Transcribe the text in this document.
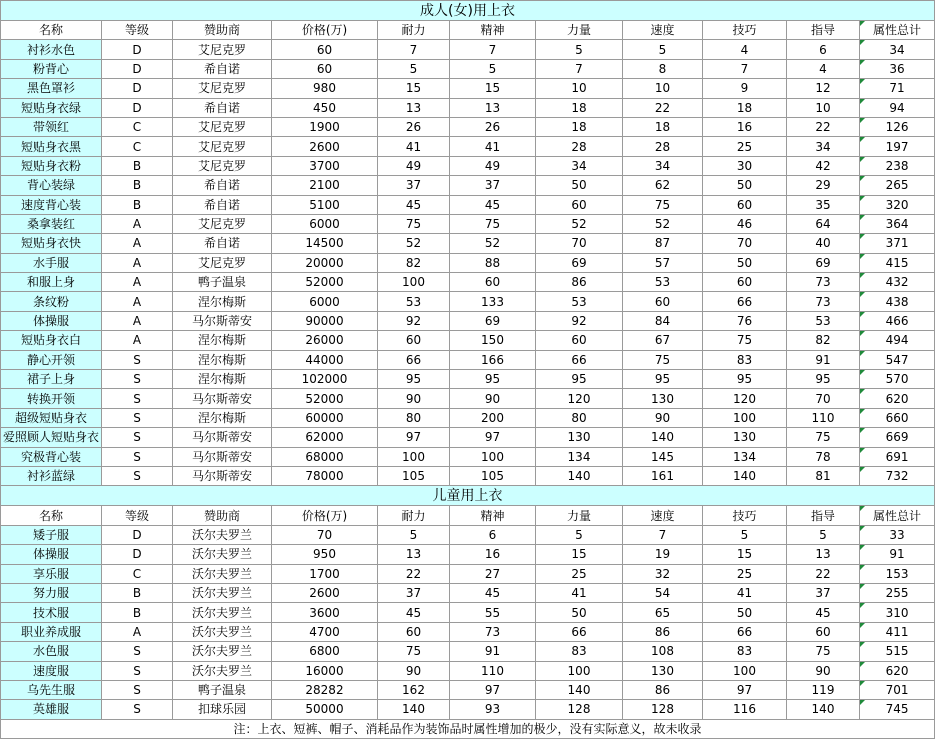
成人(女)用上衣										
名称	等级	赞助商	价格(万)	耐力	精神	力量	速度	技巧	指导	属性总计
衬衫水色	D	艾尼克罗	60	7	7	5	5	4	6	34
粉背心	D	希自诺	60	5	5	7	8	7	4	36
黑色罩衫	D	艾尼克罗	980	15	15	10	10	9	12	71
短贴身衣绿	D	希自诺	450	13	13	18	22	18	10	94
带领红	C	艾尼克罗	1900	26	26	18	18	16	22	126
短贴身衣黑	C	艾尼克罗	2600	41	41	28	28	25	34	197
短贴身衣粉	B	艾尼克罗	3700	49	49	34	34	30	42	238
背心装绿	B	希自诺	2100	37	37	50	62	50	29	265
速度背心装	B	希自诺	5100	45	45	60	75	60	35	320
桑拿装红	A	艾尼克罗	6000	75	75	52	52	46	64	364
短贴身衣快	A	希自诺	14500	52	52	70	87	70	40	371
水手服	A	艾尼克罗	20000	82	88	69	57	50	69	415
和服上身	A	鸭子温泉	52000	100	60	86	53	60	73	432
条纹粉	A	涅尔梅斯	6000	53	133	53	60	66	73	438
体操服	A	马尔斯蒂安	90000	92	69	92	84	76	53	466
短贴身衣白	A	涅尔梅斯	26000	60	150	60	67	75	82	494
静心开领	S	涅尔梅斯	44000	66	166	66	75	83	91	547
裙子上身	S	涅尔梅斯	102000	95	95	95	95	95	95	570
转换开领	S	马尔斯蒂安	52000	90	90	120	130	120	70	620
超级短贴身衣	S	涅尔梅斯	60000	80	200	80	90	100	110	660
爱照顾人短贴身衣	S	马尔斯蒂安	62000	97	97	130	140	130	75	669
究极背心装	S	马尔斯蒂安	68000	100	100	134	145	134	78	691
衬衫蓝绿	S	马尔斯蒂安	78000	105	105	140	161	140	81	732
儿童用上衣										
名称	等级	赞助商	价格(万)	耐力	精神	力量	速度	技巧	指导	属性总计
矮子服	D	沃尔夫罗兰	70	5	6	5	7	5	5	33
体操服	D	沃尔夫罗兰	950	13	16	15	19	15	13	91
享乐服	C	沃尔夫罗兰	1700	22	27	25	32	25	22	153
努力服	B	沃尔夫罗兰	2600	37	45	41	54	41	37	255
技术服	B	沃尔夫罗兰	3600	45	55	50	65	50	45	310
职业养成服	A	沃尔夫罗兰	4700	60	73	66	86	66	60	411
水色服	S	沃尔夫罗兰	6800	75	91	83	108	83	75	515
速度服	S	沃尔夫罗兰	16000	90	110	100	130	100	90	620
乌先生服	S	鸭子温泉	28282	162	97	140	86	97	119	701
英雄服	S	扣球乐园	50000	140	93	128	128	116	140	745
注：上衣、短裤、帽子、消耗品作为装饰品时属性增加的极少，没有实际意义，故未收录										
